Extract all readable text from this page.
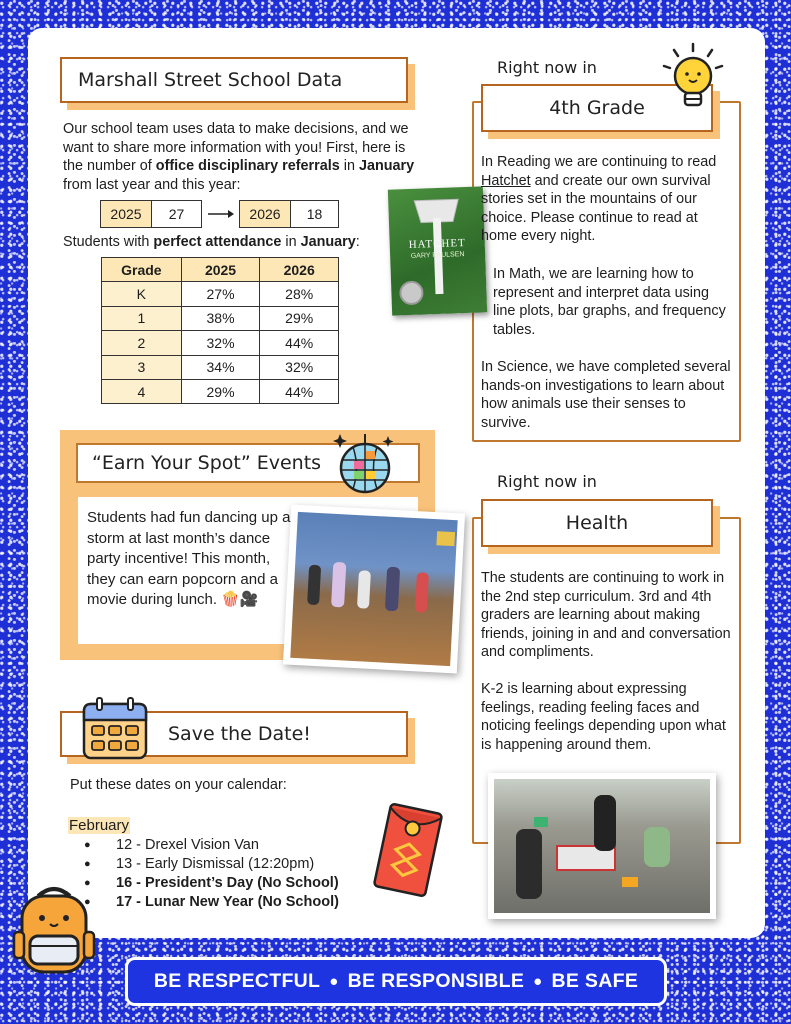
Marshall Street School Data

Our school team uses data to make decisions, and we want to share more information with you! First, here is the number of office disciplinary referrals in January from last year and this year:

2025	27	2026	18

Students with perfect attendance in January:

Grade	2025	2026
K	27%	28%
1	38%	29%
2	32%	44%
3	34%	32%
4	29%	44%
Right now in
4th Grade
HATCHET
GARY PAULSEN

In Reading we are continuing to read Hatchet and create our own survival stories set in the mountains of our choice. Please continue to read at home every night.

In Math, we are learning how to represent and interpret data using line plots, bar graphs, and frequency tables.

In Science, we have completed several hands-on investigations to learn about how animals use their senses to survive.

“Earn Your Spot” Events

Students had fun dancing up a storm at last month’s dance party incentive! This month, they can earn popcorn and a movie during lunch. 🍿🎥

Right now in
Health

The students are continuing to work in the 2nd step curriculum. 3rd and 4th graders are learning about making friends, joining in and and conversation and compliments.

K-2 is learning about expressing feelings, reading feeling faces and noticing feelings depending upon what is happening around them.

Save the Date!

Put these dates on your calendar:

February
● 12 - Drexel Vision Van
● 13 - Early Dismissal (12:20pm)
● 16 - President’s Day (No School)
● 17 - Lunar New Year (No School)
BE RESPECTFUL ● BE RESPONSIBLE ● BE SAFE
